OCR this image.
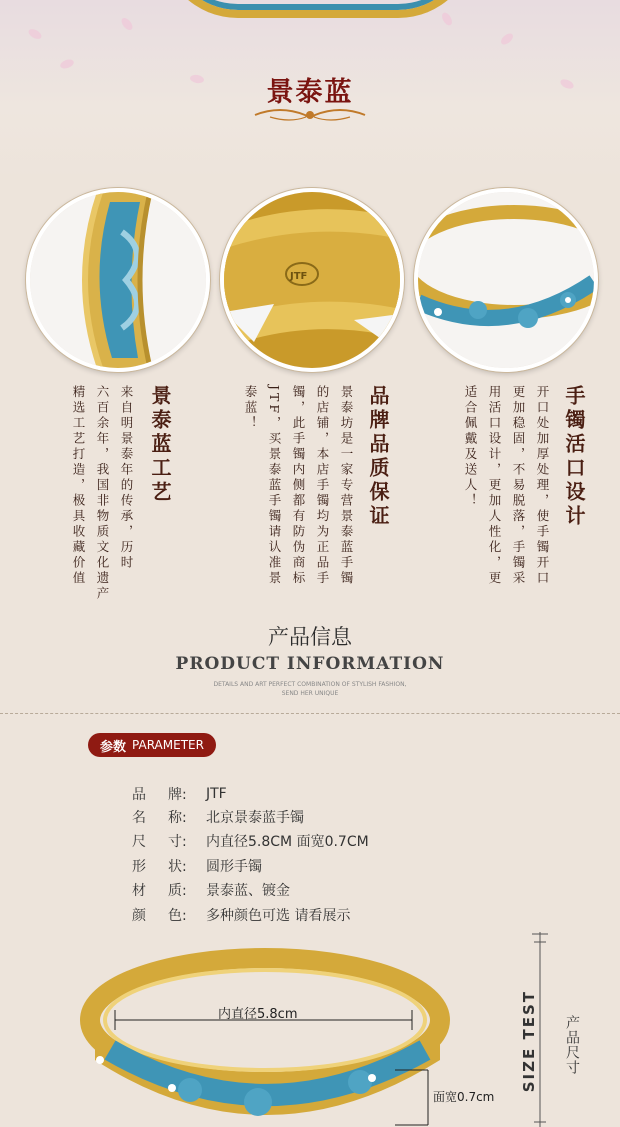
景泰蓝
JTF
景泰蓝工艺
来自明景泰年的传承，历时
六百余年，我国非物质文化遗产
精选工艺打造，极具收藏价值	品牌品质保证
景泰坊是一家专营景泰蓝手镯
的店铺，本店手镯均为正品手
镯，此手镯内侧都有防伪商标
JTF，买景泰蓝手镯请认准景
泰蓝！	手镯活口设计
开口处加厚处理，使手镯开口
更加稳固，不易脱落，手镯采
用活口设计，更加人性化，更
适合佩戴及送人！
产品信息
PRODUCT INFORMATION
DETAILS AND ART PERFECT COMBINATION OF STYLISH FASHION,
SEND HER UNIQUE
参数 PARAMETER
品	牌:	JTF
名	称:	北京景泰蓝手镯
尺	寸:	内直径5.8CM 面宽0.7CM
形	状:	圆形手镯
材	质:	景泰蓝、镀金
颜	色:	多种颜色可选 请看展示
内直径5.8cm
面宽0.7cm
SIZE TEST 产品尺寸
